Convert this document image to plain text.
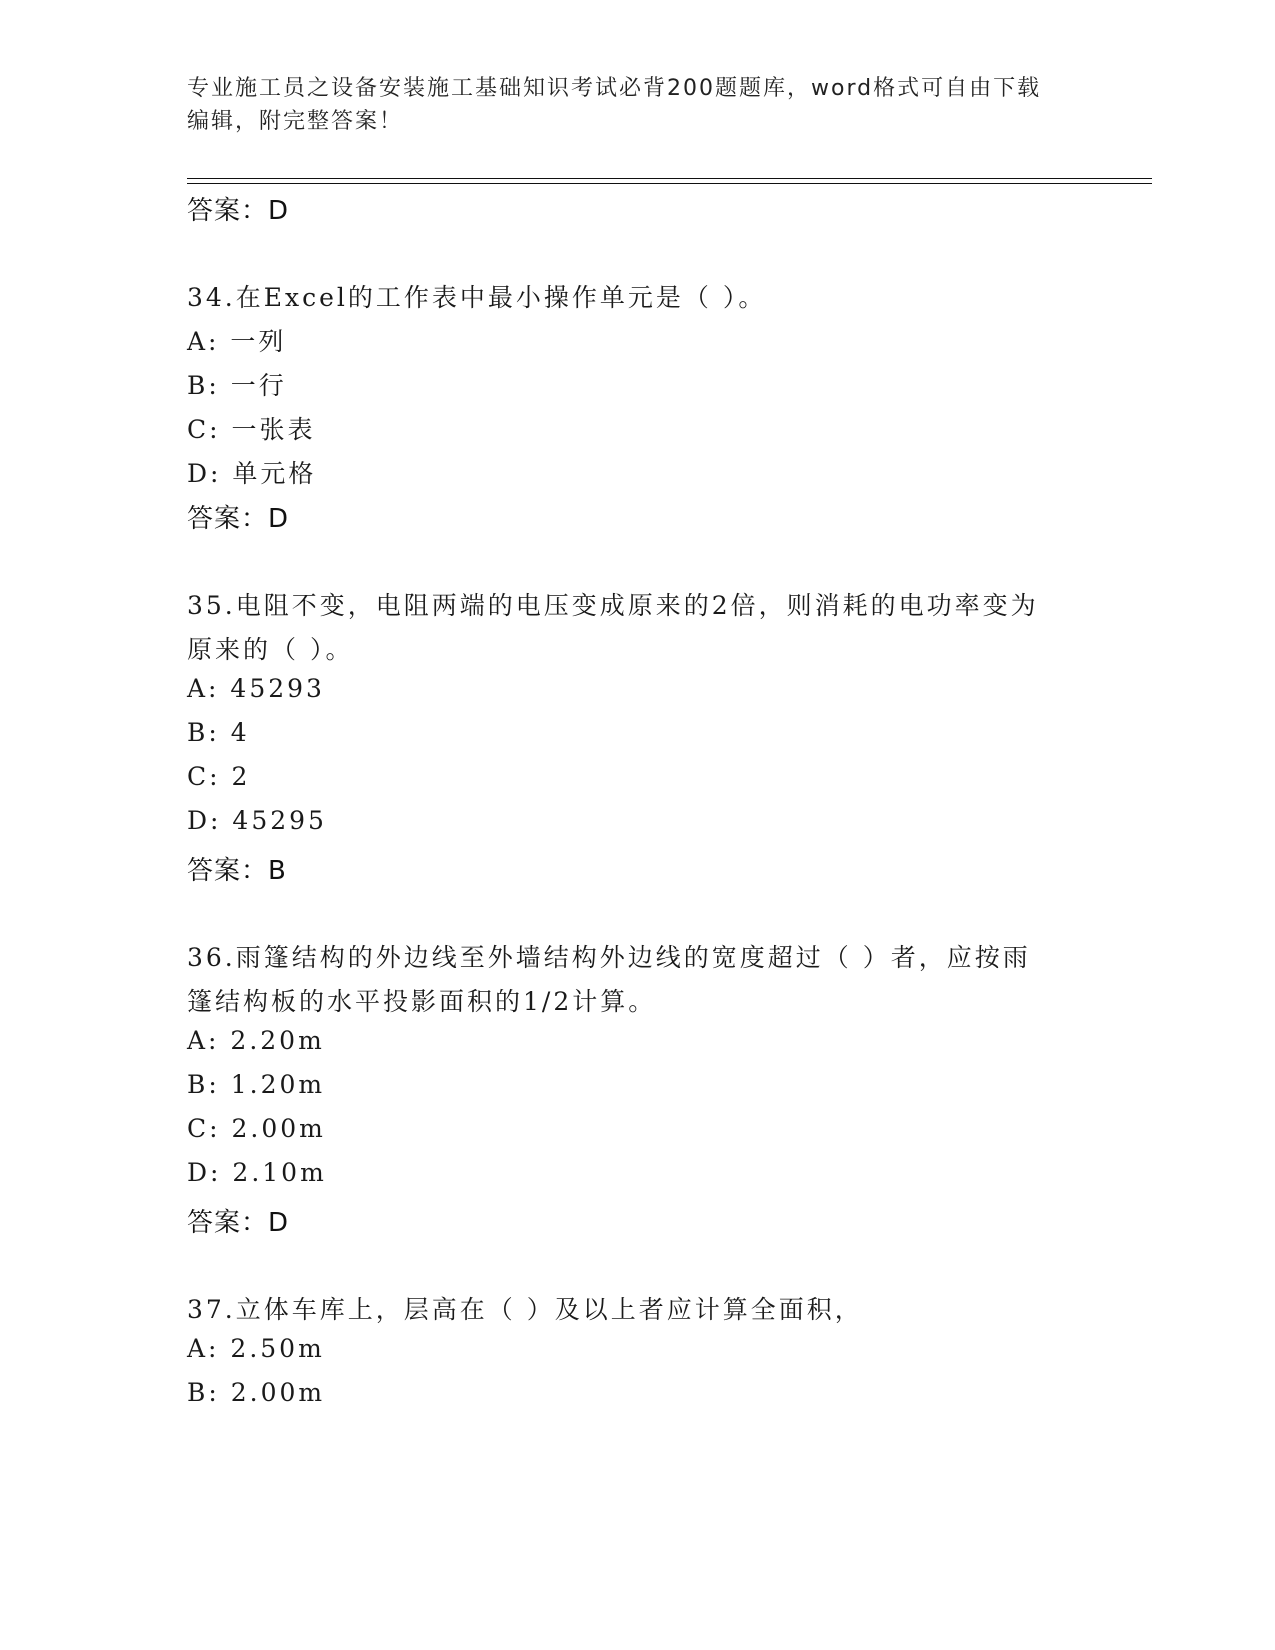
专业施工员之设备安装施工基础知识考试必背200题题库，word格式可自由下载
编辑，附完整答案！
答案：D
34.在Excel的工作表中最小操作单元是（ ）。
A: 一列
B: 一行
C: 一张表
D: 单元格
答案：D
35.电阻不变，电阻两端的电压变成原来的2倍，则消耗的电功率变为
原来的（ ）。
A: 45293
B: 4
C: 2
D: 45295
答案：B
36.雨篷结构的外边线至外墙结构外边线的宽度超过（ ）者，应按雨
篷结构板的水平投影面积的1/2计算。
A: 2.20m
B: 1.20m
C: 2.00m
D: 2.10m
答案：D
37.立体车库上，层高在（ ）及以上者应计算全面积，
A: 2.50m
B: 2.00m
